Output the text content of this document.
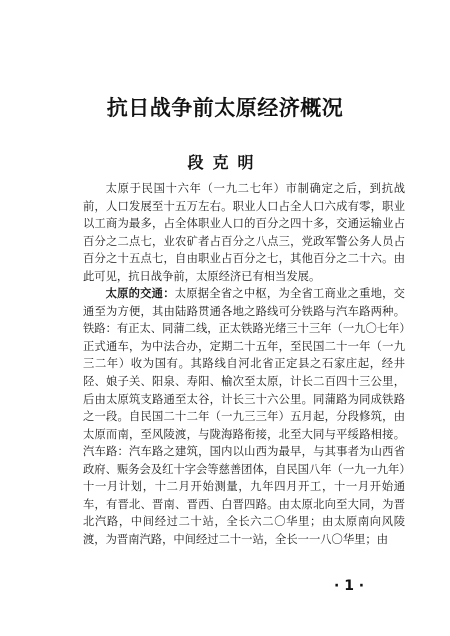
抗日战争前太原经济概况
段克明

太原于民国十六年（一九二七年）市制确定之后，到抗战前，人口发展至十五万左右。职业人口占全人口六成有零，职业以工商为最多，占全体职业人口的百分之四十多，交通运输业占百分之二点七，业农矿者占百分之八点三，党政军警公务人员占百分之十五点七，自由职业占百分之七，其他百分之二十六。由此可见，抗日战争前，太原经济已有相当发展。

太原的交通：太原据全省之中枢，为全省工商业之重地，交通至为方便，其由陆路贯通各地之路线可分铁路与汽车路两种。铁路：有正太、同蒲二线，正太铁路光绪三十三年（一九〇七年）正式通车，为中法合办，定期二十五年，至民国二十一年（一九三二年）收为国有。其路线自河北省正定县之石家庄起，经井陉、娘子关、阳泉、寿阳、榆次至太原，计长二百四十三公里，后由太原筑支路通至太谷，计长三十六公里。同蒲路为同成铁路之一段。自民国二十二年（一九三三年）五月起，分段修筑，由太原而南，至风陵渡，与陇海路衔接，北至大同与平绥路相接。汽车路：汽车路之建筑，国内以山西为最早，与其事者为山西省政府、赈务会及红十字会等慈善团体，自民国八年（一九一九年）十一月计划，十二月开始测量，九年四月开工，十一月开始通车，有晋北、晋南、晋西、白晋四路。由太原北向至大同，为晋北汽路，中间经过二十站，全长六二〇华里；由太原南向风陵渡，为晋南汽路，中间经过二十一站，全长一一八〇华里；由

· 1 ·
